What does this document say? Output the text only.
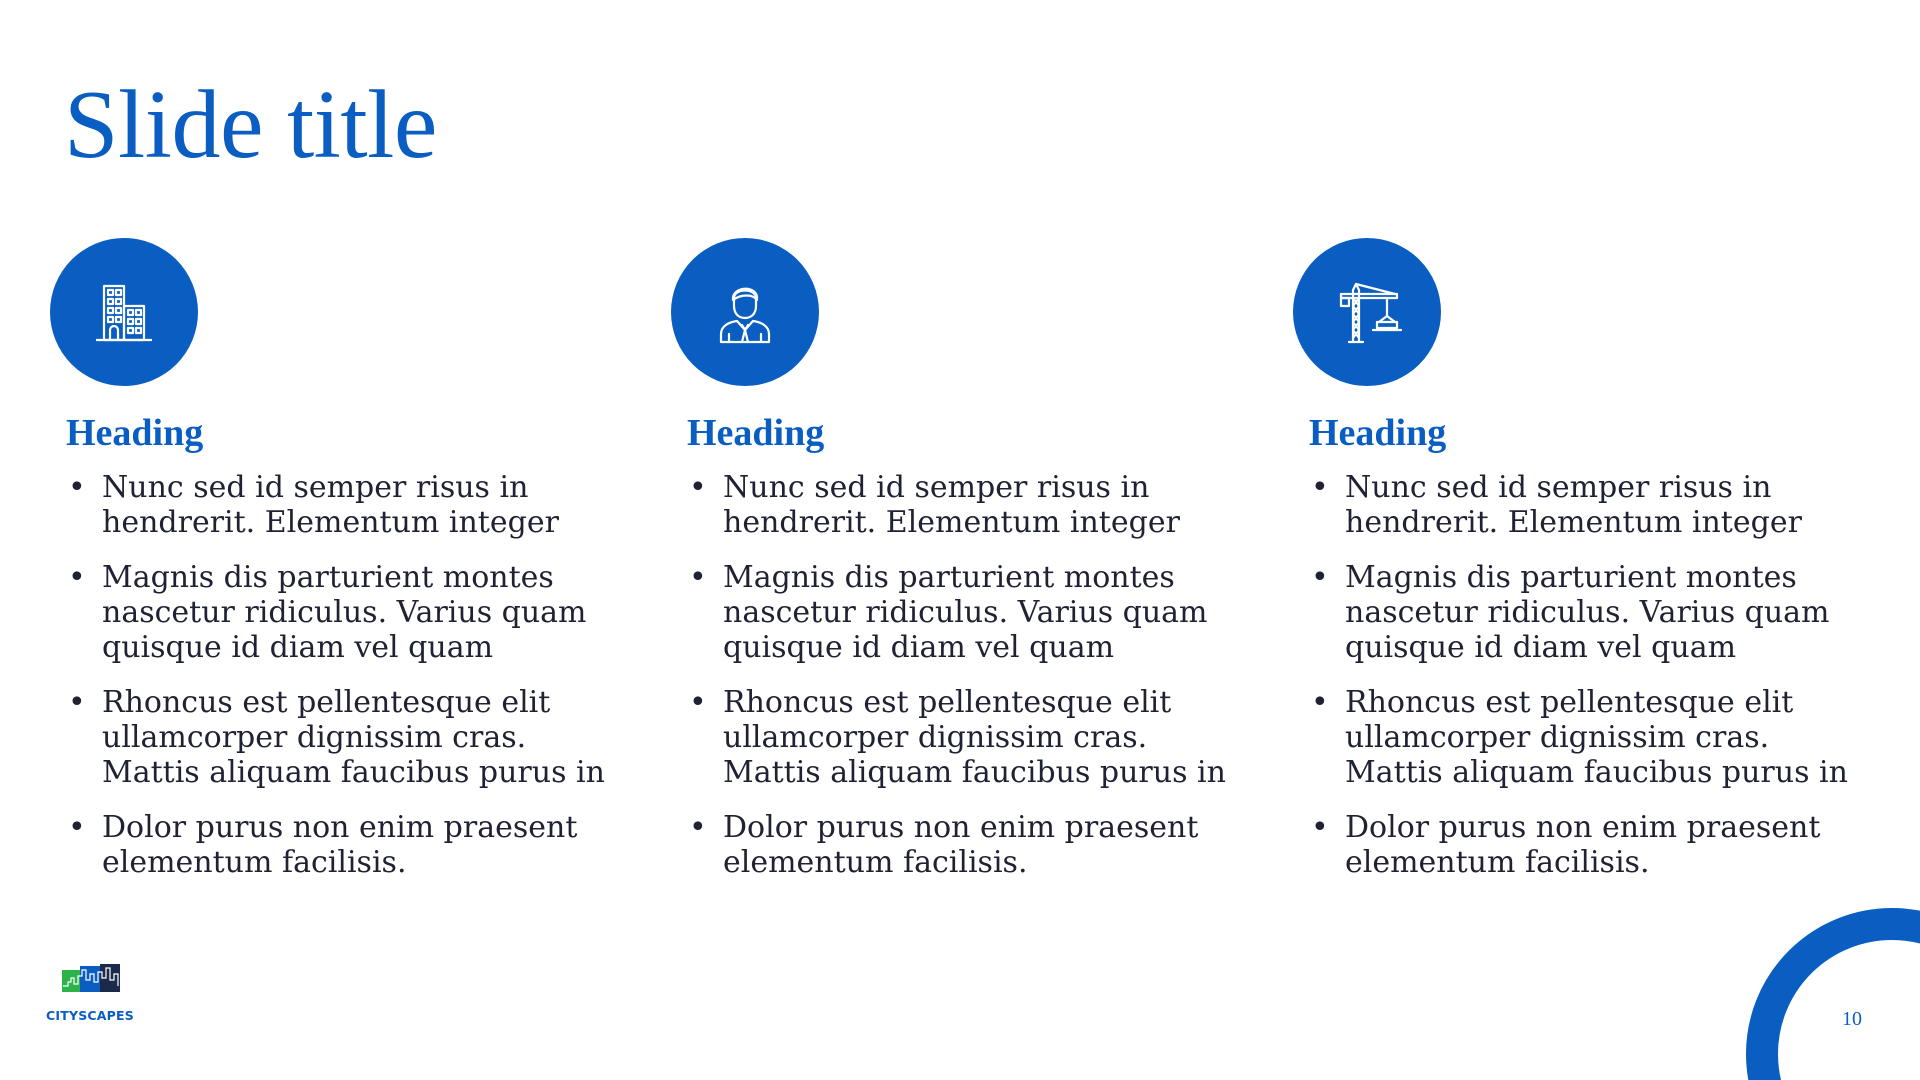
Slide title
Heading
• Nunc sed id semper risus in hendrerit. Elementum integer
• Magnis dis parturient montes nascetur ridiculus. Varius quam quisque id diam vel quam
• Rhoncus est pellentesque elit ullamcorper dignissim cras. Mattis aliquam faucibus purus in
• Dolor purus non enim praesent elementum facilisis.
Heading
• Nunc sed id semper risus in hendrerit. Elementum integer
• Magnis dis parturient montes nascetur ridiculus. Varius quam quisque id diam vel quam
• Rhoncus est pellentesque elit ullamcorper dignissim cras. Mattis aliquam faucibus purus in
• Dolor purus non enim praesent elementum facilisis.
Heading
• Nunc sed id semper risus in hendrerit. Elementum integer
• Magnis dis parturient montes nascetur ridiculus. Varius quam quisque id diam vel quam
• Rhoncus est pellentesque elit ullamcorper dignissim cras. Mattis aliquam faucibus purus in
• Dolor purus non enim praesent elementum facilisis.
CITYSCAPES	10
